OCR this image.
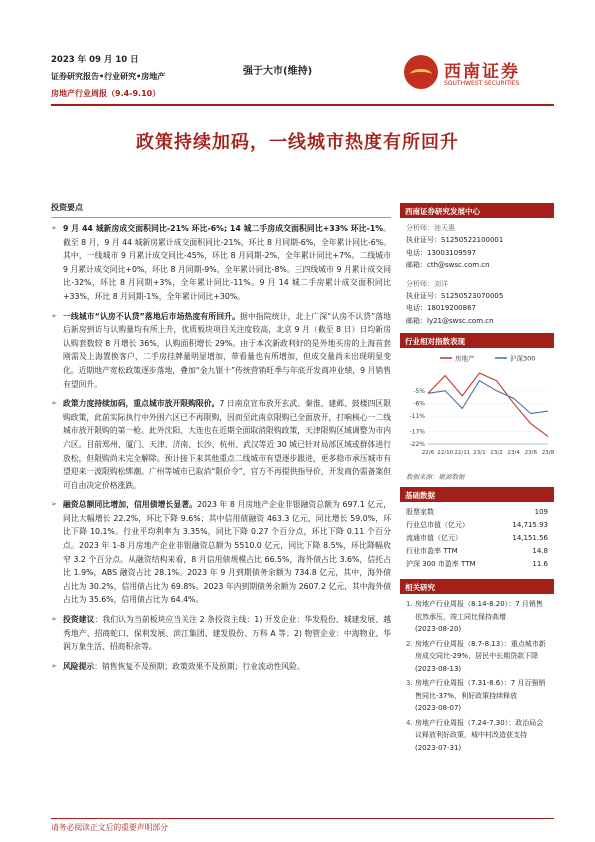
2023 年 09 月 10 日
证券研究报告•行业研究•房地产
房地产行业周报（9.4-9.10）
强于大市(维持)	西南证券
SOUTHWEST SECURITIES
政策持续加码，一线城市热度有所回升
投资要点
➢ 9 月 44 城新房成交面积同比-21% 环比-6%; 14 城二手房成交面积同比+33% 环比-1%。截至 8 月，9 月 44 城新房累计成交面积同比-21%，环比 8 月同期-6%，全年累计同比-6%。其中，一线城市 9 月累计成交同比-45%，环比 8 月同期-2%，全年累计同比+7%。二线城市 9 月累计成交同比+0%，环比 8 月同期-9%，全年累计同比-8%。三四线城市 9 月累计成交同比-32%，环比 8 月同期+3%，全年累计同比-11%。9 月 14 城二手房累计成交面积同比+33%，环比 8 月同期-1%，全年累计同比+30%。
➢ 一线城市“认房不认贷”落地后市场热度有所回升。据中指院统计，北上广深“认房不认贷”落地后新房到访与认购量均有所上升，优质板块项目关注度较高，北京 9 月（截至 8 日）日均新房认购套数较 8 月增长 36%，认购面积增长 29%。由于本次新政利好的是外地买房的上海首套刚需及上海置换客户，二手房挂牌量明显增加，带看量也有所增加，但成交量尚未出现明显变化。近期地产宽松政策逐步落地，叠加“金九银十”传统营销旺季与年底开发商冲业绩，9 月销售有望回升。
➢ 政策力度持续加码，重点城市放开限购限价。7 日南京宣布放开玄武、秦淮、建邺、鼓楼四区限购政策，此前实际执行中外围六区已不再限购，因而至此南京限购已全面放开，打响核心一二线城市放开限购的第一枪。此外沈阳、大连也在近期全面取消限购政策，天津限购区域调整为市内六区。目前郑州、厦门、天津、济南、长沙、杭州、武汉等近 30 城已针对局部区域或群体进行放松，但限购尚未完全解除。预计接下来其他重点二线城市有望逐步跟进，更多稳市承压城市有望迎来一波限购松绑潮。广州等城市已取消“限价令”，官方不再提供指导价，开发商仍需备案但可自由决定价格涨跌。
➢ 融资总额同比增加，信用债增长显著。2023 年 8 月房地产企业非银融资总额为 697.1 亿元，同比大幅增长 22.2%，环比下降 9.6%；其中信用债融资 463.3 亿元，同比增长 59.0%，环比下降 10.1%。行业平均利率为 3.35%，同比下降 0.27 个百分点，环比下降 0.11 个百分点。2023 年 1-8 月房地产企业非银融资总额为 5510.0 亿元，同比下降 8.5%，环比降幅收窄 3.2 个百分点。从融资结构来看，8 月信用债规模占比 66.5%，海外债占比 3.6%，信托占比 1.9%，ABS 融资占比 28.1%。2023 年 9 月到期债务余额为 734.8 亿元，其中，海外债占比为 30.2%，信用债占比为 69.8%。2023 年内到期债务余额为 2607.2 亿元，其中海外债占比为 35.6%，信用债占比为 64.4%。
➢ 投资建议：我们认为当前板块应当关注 2 条投资主线：1) 开发企业：华发股份、城建发展、越秀地产、招商蛇口、保利发展、滨江集团、建发股份、万科 A 等；2) 物管企业：中海物业、华润万象生活、招商积余等。
➢ 风险提示：销售恢复不及预期；政策效果不及预期；行业流动性风险。
西南证券研究发展中心
分析师：池天惠
执业证号：S1250522100001
电话：13003109597
邮箱：cth@swsc.com.cn
分析师：刘洋
执业证号：S1250523070005
电话：18019200867
邮箱：ly21@swsc.com.cn
行业相对指数表现
房地产	沪深300
-5%
-6%
-11%
-17%
-22%
22/6 22/10 22/11 23/1 23/2 23/4 23/6 23/8
数据来源：聚源数据
基础数据
股票家数	109
行业总市值（亿元）	14,715.93
流通市值（亿元）	14,151.56
行业市盈率 TTM	14.8
沪深 300 市盈率 TTM	11.6
相关研究
1. 房地产行业周报（8.14-8.20）：7 月销售依然承压，竣工同比保持高增
(2023-08-20)
2. 房地产行业周报（8.7-8.13）：重点城市新房成交同比-29%，居民中长期贷款下降
(2023-08-13)
3. 房地产行业周报（7.31-8.6）：7 月百强销售同比-37%，利好政策持续释放
(2023-08-07)
4. 房地产行业周报（7.24-7.30）：政治局会议释放利好政策，城中村改造获支持
(2023-07-31)
请务必阅读正文后的重要声明部分
